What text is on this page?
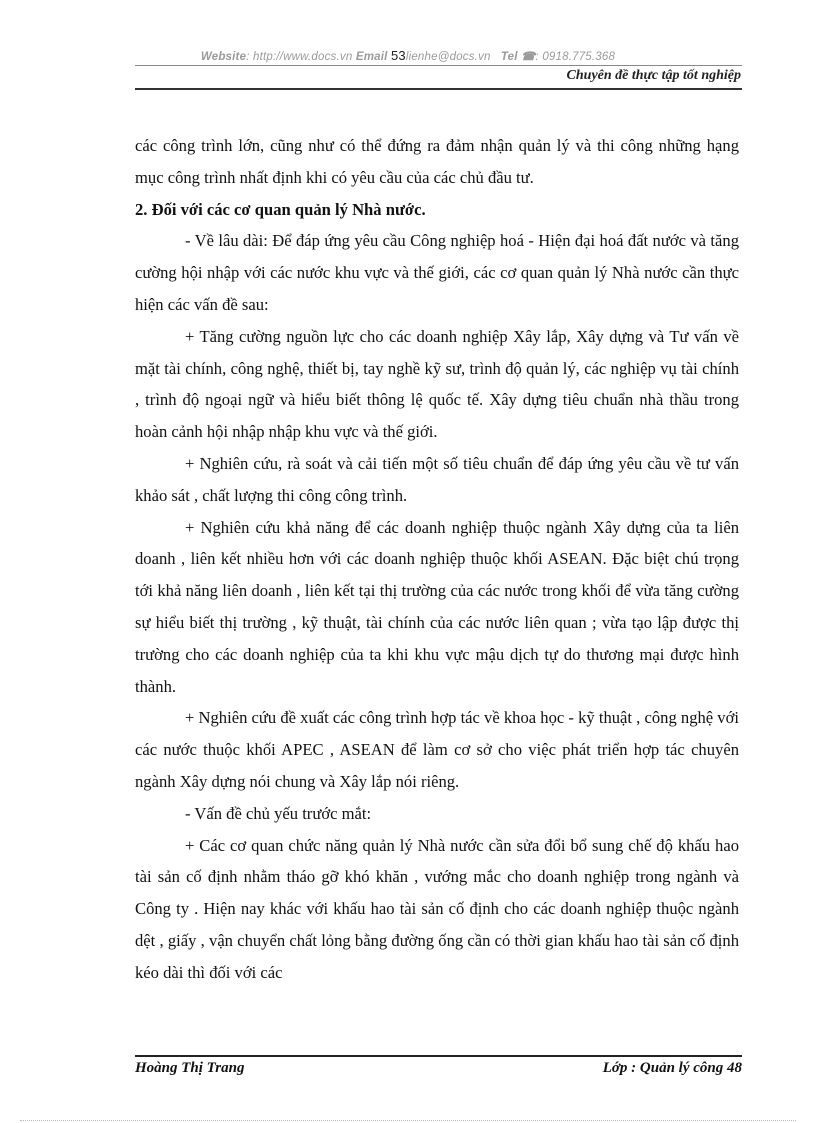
Website: http://www.docs.vn Email 53lienhe@docs.vn Tel ☎: 0918.775.368
Chuyên đề thực tập tốt nghiệp

các công trình lớn, cũng như có thể đứng ra đảm nhận quản lý và thi công những hạng mục công trình nhất định khi có yêu cầu của các chủ đầu tư.

2. Đối với các cơ quan quản lý Nhà nước.

- Về lâu dài: Để đáp ứng yêu cầu Công nghiệp hoá - Hiện đại hoá đất nước và tăng cường hội nhập với các nước khu vực và thế giới, các cơ quan quản lý Nhà nước cần thực hiện các vấn đề sau:

+ Tăng cường nguồn lực cho các doanh nghiệp Xây lắp, Xây dựng và Tư vấn về mặt tài chính, công nghệ, thiết bị, tay nghề kỹ sư, trình độ quản lý, các nghiệp vụ tài chính , trình độ ngoại ngữ và hiểu biết thông lệ quốc tế. Xây dựng tiêu chuẩn nhà thầu trong hoàn cảnh hội nhập nhập khu vực và thế giới.

+ Nghiên cứu, rà soát và cải tiến một số tiêu chuẩn để đáp ứng yêu cầu về tư vấn khảo sát , chất lượng thi công công trình.

+ Nghiên cứu khả năng để các doanh nghiệp thuộc ngành Xây dựng của ta liên doanh , liên kết nhiều hơn với các doanh nghiệp thuộc khối ASEAN. Đặc biệt chú trọng tới khả năng liên doanh , liên kết tại thị trường của các nước trong khối để vừa tăng cường sự hiểu biết thị trường , kỹ thuật, tài chính của các nước liên quan ; vừa tạo lập được thị trường cho các doanh nghiệp của ta khi khu vực mậu dịch tự do thương mại được hình thành.

+ Nghiên cứu đề xuất các công trình hợp tác về khoa học - kỹ thuật , công nghệ với các nước thuộc khối APEC , ASEAN để làm cơ sở cho việc phát triển hợp tác chuyên ngành Xây dựng nói chung và Xây lắp nói riêng.

- Vấn đề chủ yếu trước mắt:

+ Các cơ quan chức năng quản lý Nhà nước cần sửa đổi bổ sung chế độ khấu hao tài sản cố định nhằm tháo gỡ khó khăn , vướng mắc cho doanh nghiệp trong ngành và Công ty . Hiện nay khác với khấu hao tài sản cố định cho các doanh nghiệp thuộc ngành dệt , giấy , vận chuyển chất lỏng bằng đường ống cần có thời gian khấu hao tài sản cố định kéo dài thì đối với các

Hoàng Thị Trang	Lớp : Quản lý công 48
